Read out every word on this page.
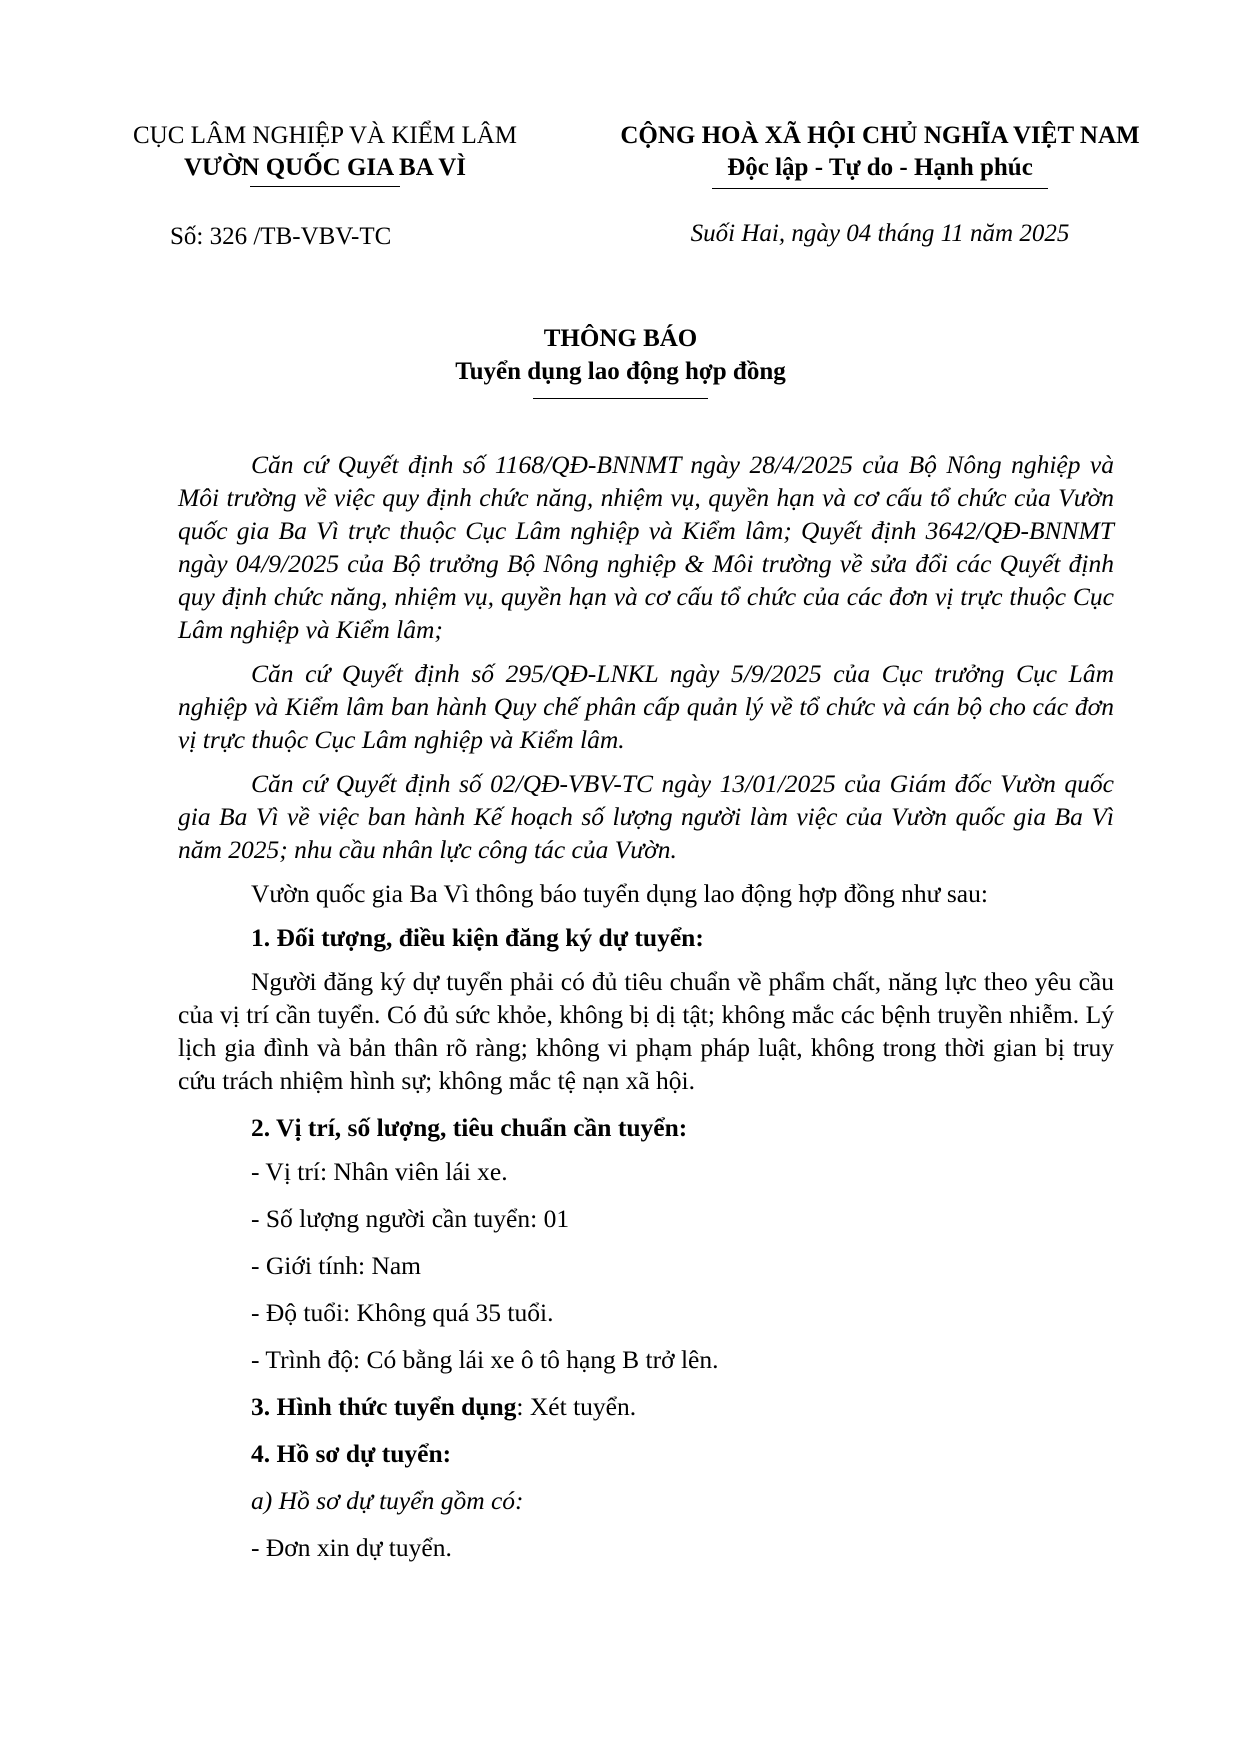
CỤC LÂM NGHIỆP VÀ KIỂM LÂM
VƯỜN QUỐC GIA BA VÌ
Số: 326 /TB-VBV-TC
CỘNG HOÀ XÃ HỘI CHỦ NGHĨA VIỆT NAM
Độc lập - Tự do - Hạnh phúc
Suối Hai, ngày 04 tháng 11 năm 2025
THÔNG BÁO
Tuyển dụng lao động hợp đồng

Căn cứ Quyết định số 1168/QĐ-BNNMT ngày 28/4/2025 của Bộ Nông nghiệp và Môi trường về việc quy định chức năng, nhiệm vụ, quyền hạn và cơ cấu tổ chức của Vườn quốc gia Ba Vì trực thuộc Cục Lâm nghiệp và Kiểm lâm; Quyết định 3642/QĐ-BNNMT ngày 04/9/2025 của Bộ trưởng Bộ Nông nghiệp & Môi trường về sửa đổi các Quyết định quy định chức năng, nhiệm vụ, quyền hạn và cơ cấu tổ chức của các đơn vị trực thuộc Cục Lâm nghiệp và Kiểm lâm;

Căn cứ Quyết định số 295/QĐ-LNKL ngày 5/9/2025 của Cục trưởng Cục Lâm nghiệp và Kiểm lâm ban hành Quy chế phân cấp quản lý về tổ chức và cán bộ cho các đơn vị trực thuộc Cục Lâm nghiệp và Kiểm lâm.

Căn cứ Quyết định số 02/QĐ-VBV-TC ngày 13/01/2025 của Giám đốc Vườn quốc gia Ba Vì về việc ban hành Kế hoạch số lượng người làm việc của Vườn quốc gia Ba Vì năm 2025; nhu cầu nhân lực công tác của Vườn.

Vườn quốc gia Ba Vì thông báo tuyển dụng lao động hợp đồng như sau:

1. Đối tượng, điều kiện đăng ký dự tuyển:

Người đăng ký dự tuyển phải có đủ tiêu chuẩn về phẩm chất, năng lực theo yêu cầu của vị trí cần tuyển. Có đủ sức khỏe, không bị dị tật; không mắc các bệnh truyền nhiễm. Lý lịch gia đình và bản thân rõ ràng; không vi phạm pháp luật, không trong thời gian bị truy cứu trách nhiệm hình sự; không mắc tệ nạn xã hội.

2. Vị trí, số lượng, tiêu chuẩn cần tuyển:

- Vị trí: Nhân viên lái xe.

- Số lượng người cần tuyển: 01

- Giới tính: Nam

- Độ tuổi: Không quá 35 tuổi.

- Trình độ: Có bằng lái xe ô tô hạng B trở lên.

3. Hình thức tuyển dụng: Xét tuyển.

4. Hồ sơ dự tuyển:

a) Hồ sơ dự tuyển gồm có:

- Đơn xin dự tuyển.
